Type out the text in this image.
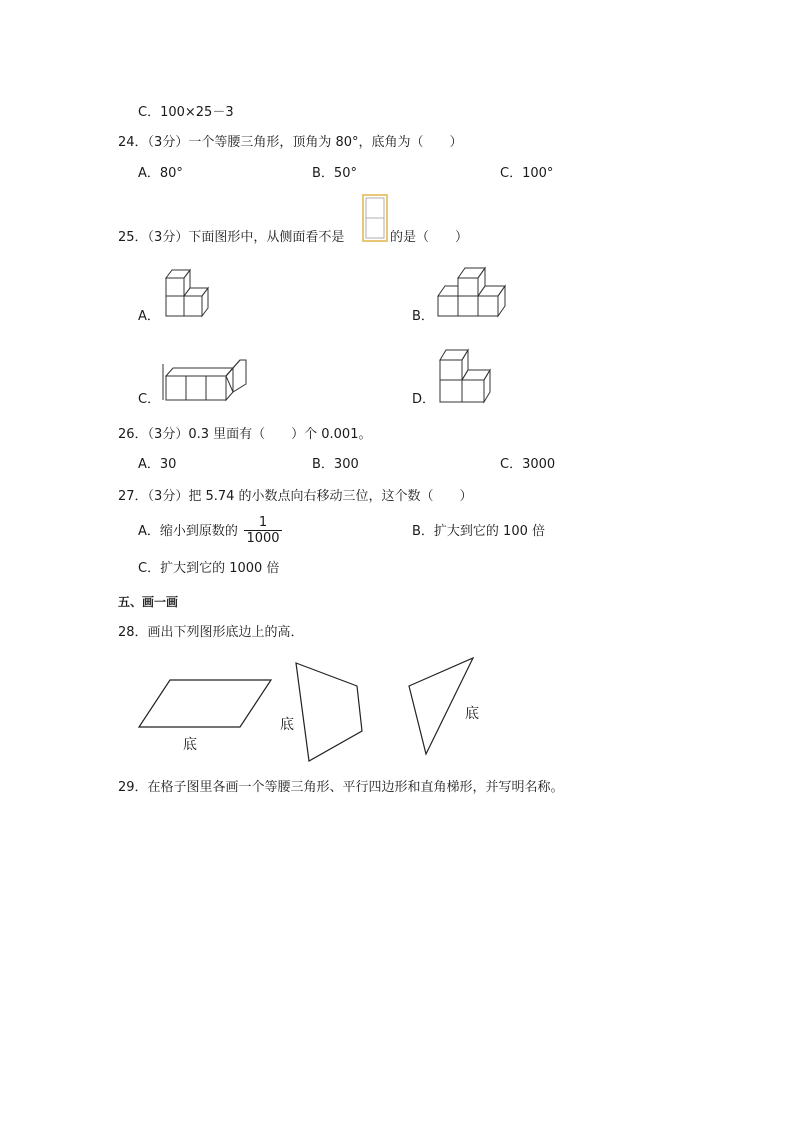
C．100×25－3
24．（3分）一个等腰三角形，顶角为 80°，底角为（　　）
A．80°	B．50°	C．100°
25．（3分）下面图形中，从侧面看不是	的是（　　）
A．	B．
C．	D．
26．（3分）0.3 里面有（　　）个 0.001。
A．30	B．300	C．3000
27．（3分）把 5.74 的小数点向右移动三位，这个数（　　）
A．缩小到原数的 $\frac{1}{1000}$	B．扩大到它的 100 倍
C．扩大到它的 1000 倍
五、画一画
28．画出下列图形底边上的高．
底
底
底
29．在格子图里各画一个等腰三角形、平行四边形和直角梯形，并写明名称。
